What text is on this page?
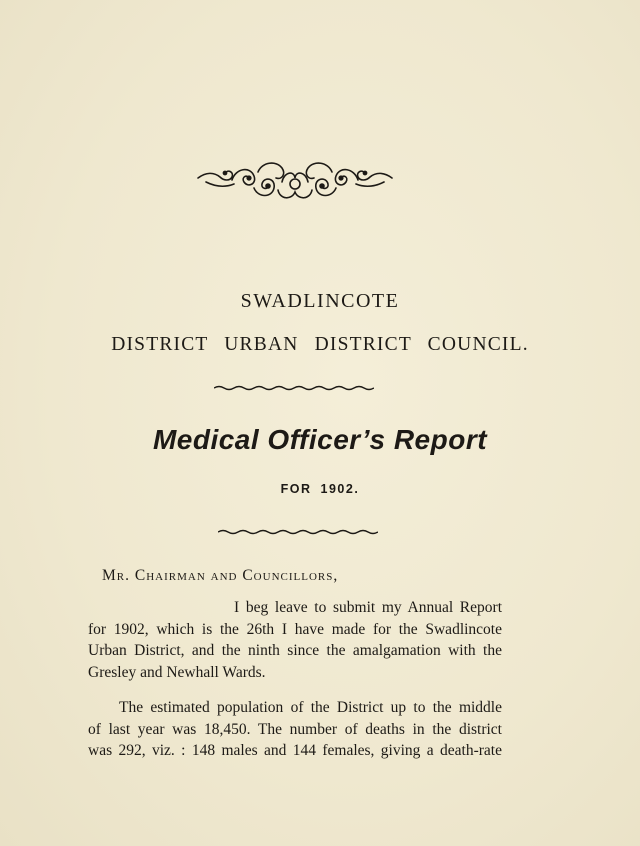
SWADLINCOTE
DISTRICT URBAN DISTRICT COUNCIL.
Medical Officer’s Report
FOR 1902.
Mr. Chairman and Councillors,
I beg leave to submit my Annual Report
for 1902, which is the 26th I have made for the Swadlincote
Urban District, and the ninth since the amalgamation with the
Gresley and Newhall Wards.
The estimated population of the District up to the middle
of last year was 18,450. The number of deaths in the district
was 292, viz. : 148 males and 144 females, giving a death-rate
